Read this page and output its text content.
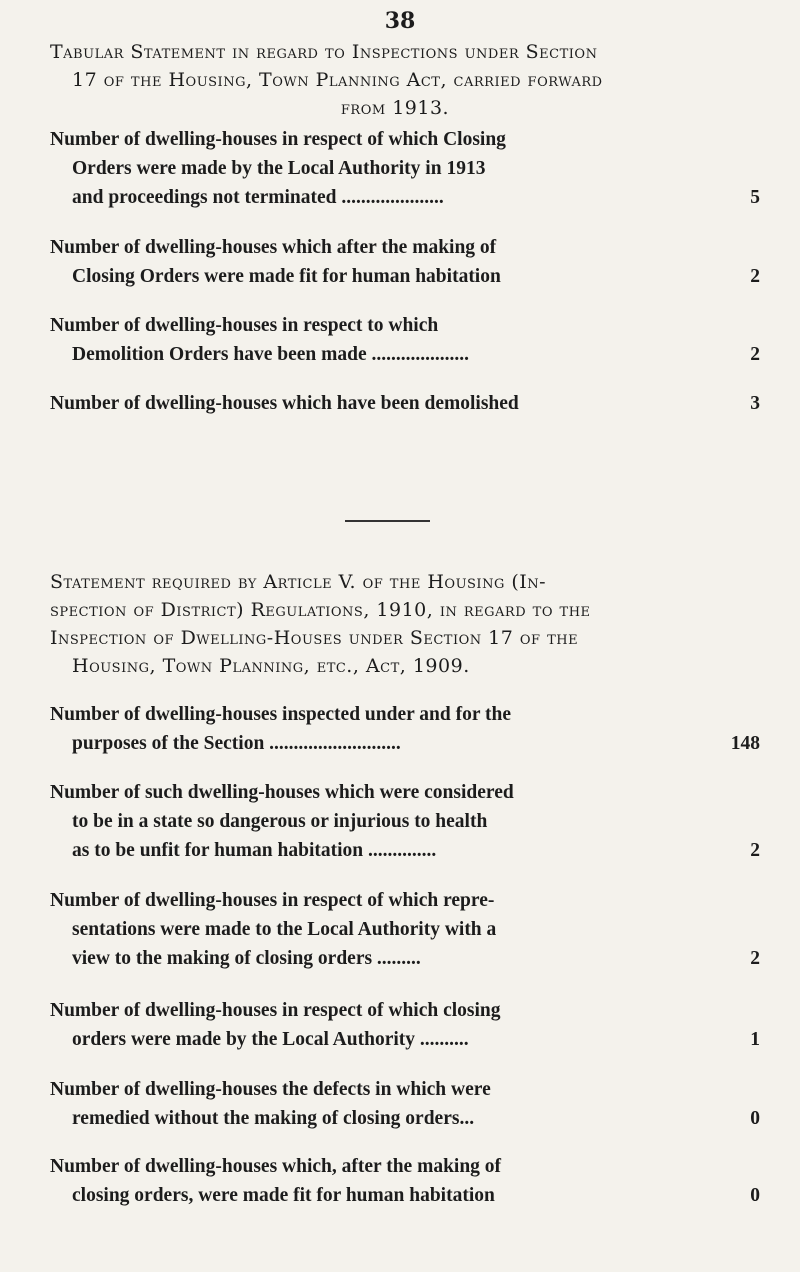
38
Tabular Statement in regard to Inspections under Section
17 of the Housing, Town Planning Act, carried forward
from 1913.
Number of dwelling-houses in respect of which Closing
Orders were made by the Local Authority in 1913
and proceedings not terminated .....................	5
Number of dwelling-houses which after the making of
Closing Orders were made fit for human habitation	2
Number of dwelling-houses in respect to which
Demolition Orders have been made ....................	2
Number of dwelling-houses which have been demolished	3
Statement required by Article V. of the Housing (In-
spection of District) Regulations, 1910, in regard to the
Inspection of Dwelling-Houses under Section 17 of the
Housing, Town Planning, etc., Act, 1909.
Number of dwelling-houses inspected under and for the
purposes of the Section ...........................	148
Number of such dwelling-houses which were considered
to be in a state so dangerous or injurious to health
as to be unfit for human habitation ..............	2
Number of dwelling-houses in respect of which repre-
sentations were made to the Local Authority with a
view to the making of closing orders .........	2
Number of dwelling-houses in respect of which closing
orders were made by the Local Authority ..........	1
Number of dwelling-houses the defects in which were
remedied without the making of closing orders...	0
Number of dwelling-houses which, after the making of
closing orders, were made fit for human habitation	0
